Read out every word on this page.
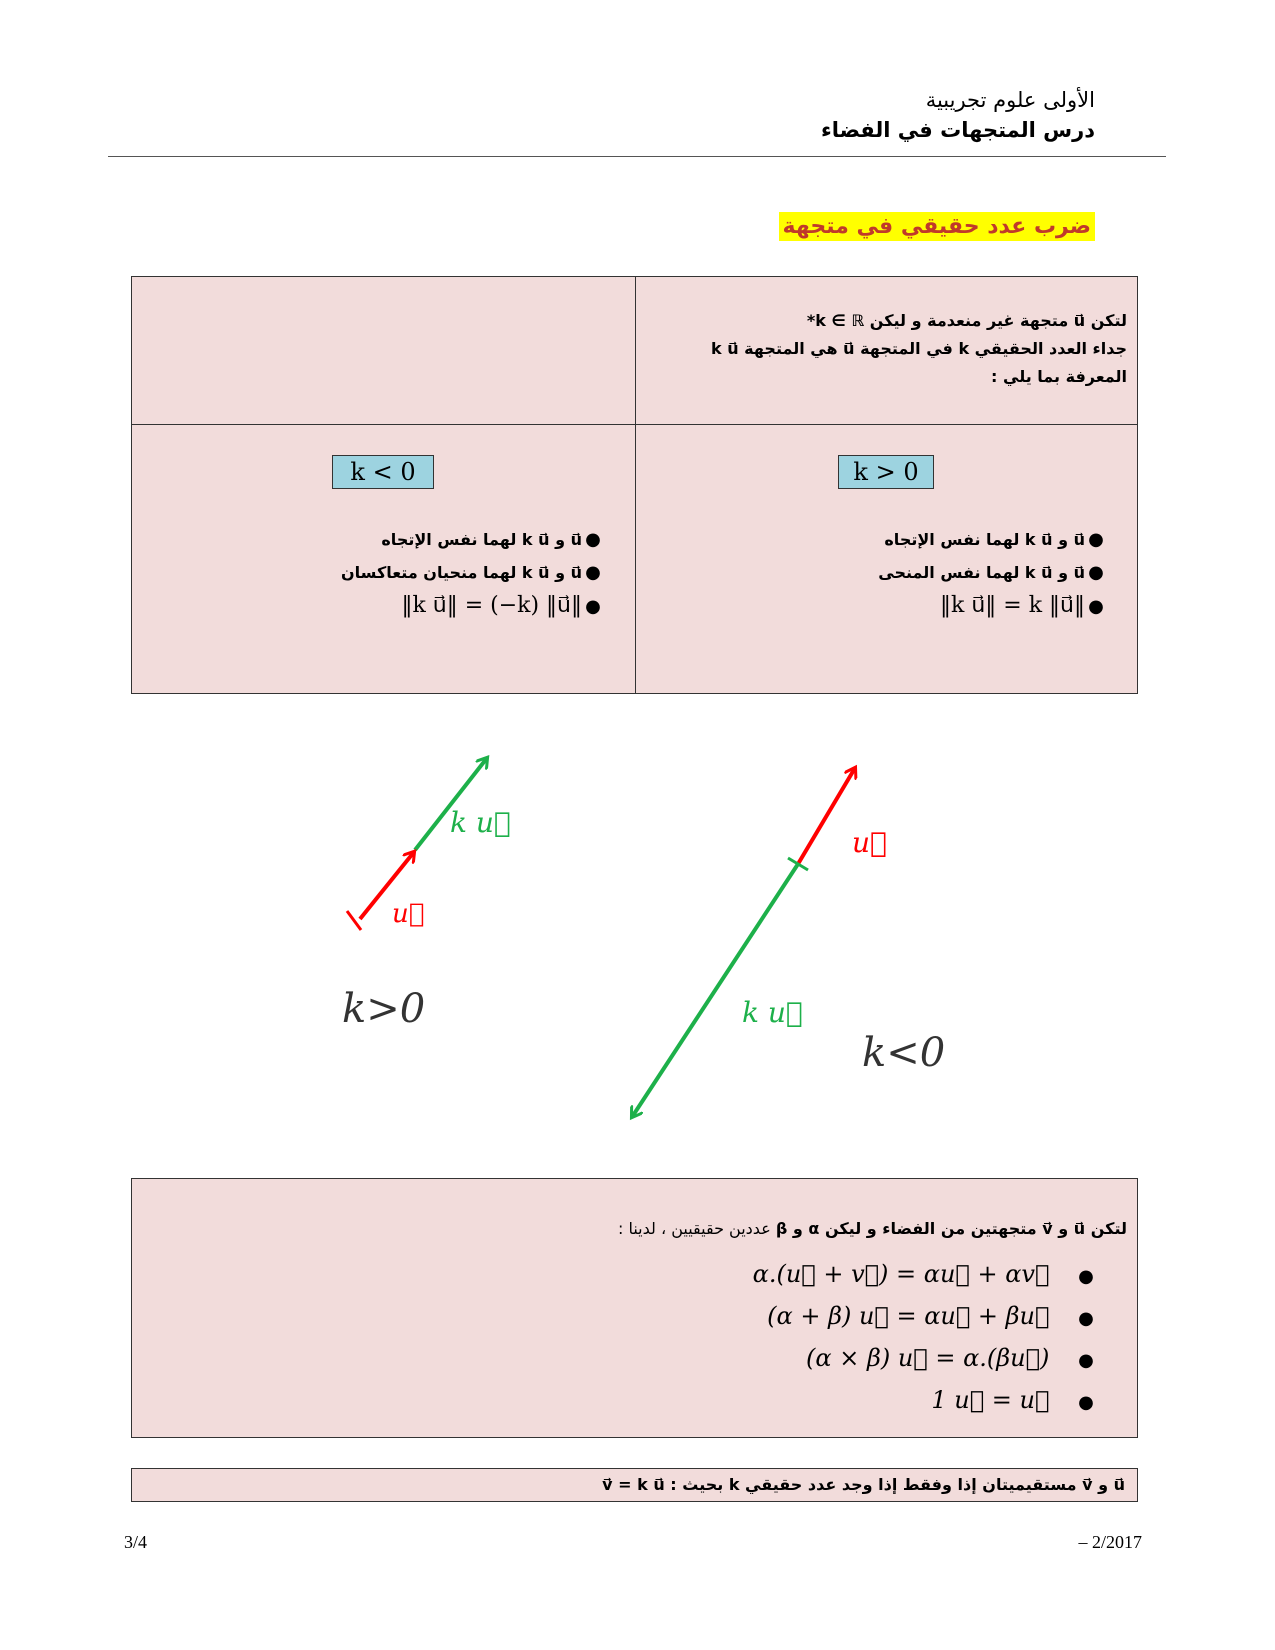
الأولى علوم تجريبية
درس المتجهات في الفضاء
ضرب عدد حقيقي في متجهة
لتكن u⃗ متجهة غير منعدمة و ليكن k ∈ ℝ*
جداء العدد الحقيقي k في المتجهة u⃗ هي المتجهة k u⃗
المعرفة بما يلي :
k > 0
●u⃗ و k u⃗ لهما نفس الإتجاه
●u⃗ و k u⃗ لهما نفس المنحى
●‖k u⃗‖ = k ‖u⃗‖
k < 0
●u⃗ و k u⃗ لهما نفس الإتجاه
●u⃗ و k u⃗ لهما منحيان متعاكسان
●‖k u⃗‖ = (−k) ‖u⃗‖
k u⃗
u⃗
k>0
u⃗
k u⃗
k<0
لتكن u⃗ و v⃗ متجهتين من الفضاء و ليكن α و β عددين حقيقيين ، لدينا :
α.(u⃗ + v⃗) = αu⃗ + αv⃗ ●
(α + β) u⃗ = αu⃗ + βu⃗ ●
(α × β) u⃗ = α.(βu⃗) ●
1 u⃗ = u⃗ ●
u⃗ و v⃗ مستقيميتان إذا وفقط إذا وجد عدد حقيقي k بحيث : v⃗ = k u⃗
3/4	– 2/2017
